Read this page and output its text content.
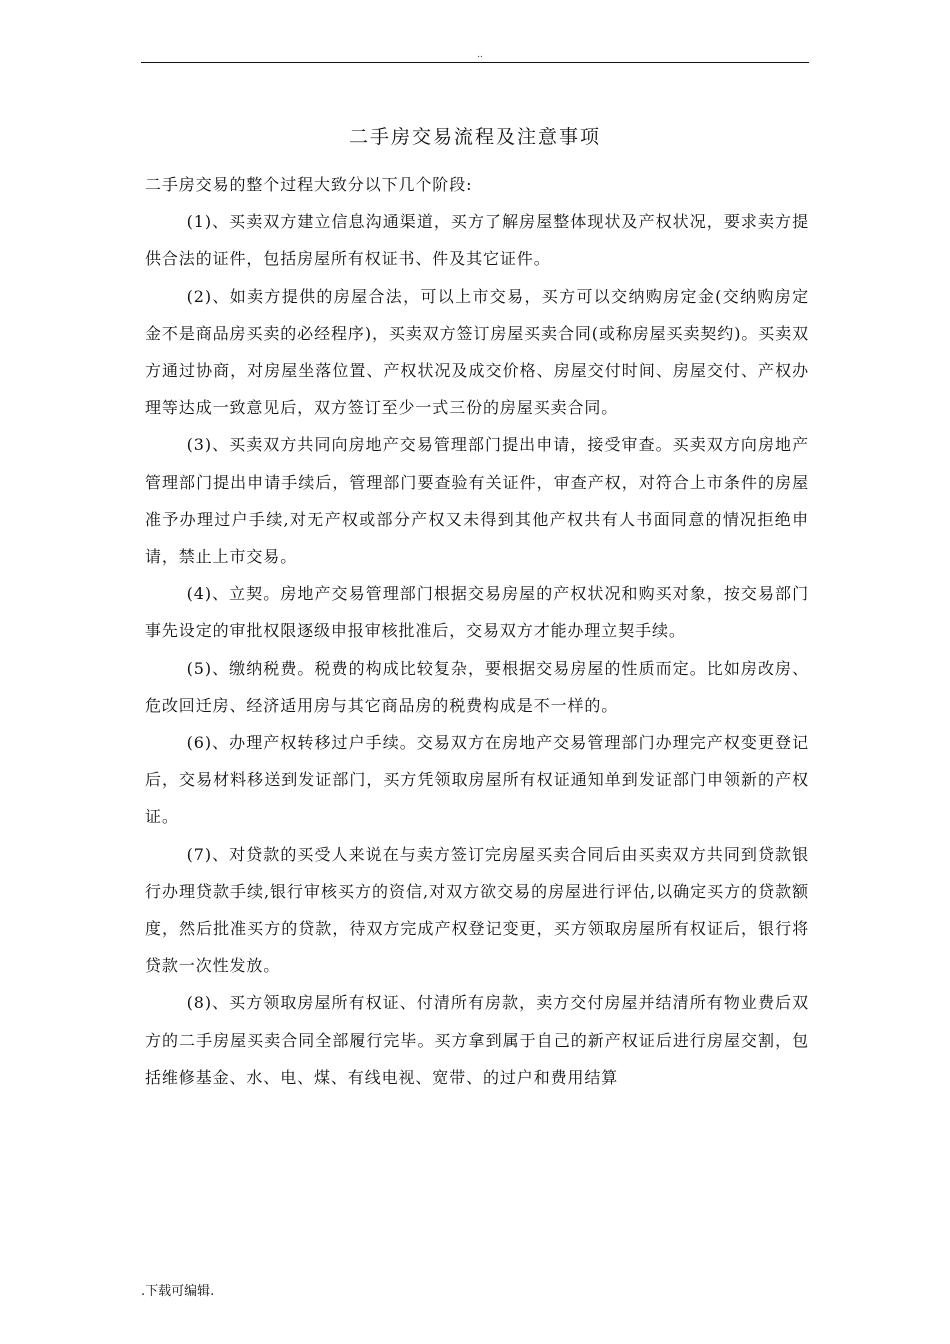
..
二手房交易流程及注意事项

二手房交易的整个过程大致分以下几个阶段:

(1)、买卖双方建立信息沟通渠道，买方了解房屋整体现状及产权状况，要求卖方提供合法的证件，包括房屋所有权证书、件及其它证件。

(2)、如卖方提供的房屋合法，可以上市交易，买方可以交纳购房定金(交纳购房定金不是商品房买卖的必经程序)，买卖双方签订房屋买卖合同(或称房屋买卖契约)。买卖双方通过协商，对房屋坐落位置、产权状况及成交价格、房屋交付时间、房屋交付、产权办理等达成一致意见后，双方签订至少一式三份的房屋买卖合同。

(3)、买卖双方共同向房地产交易管理部门提出申请，接受审查。买卖双方向房地产管理部门提出申请手续后，管理部门要查验有关证件，审查产权，对符合上市条件的房屋准予办理过户手续,对无产权或部分产权又未得到其他产权共有人书面同意的情况拒绝申请，禁止上市交易。

(4)、立契。房地产交易管理部门根据交易房屋的产权状况和购买对象，按交易部门事先设定的审批权限逐级申报审核批准后，交易双方才能办理立契手续。

(5)、缴纳税费。税费的构成比较复杂，要根据交易房屋的性质而定。比如房改房、危改回迁房、经济适用房与其它商品房的税费构成是不一样的。

(6)、办理产权转移过户手续。交易双方在房地产交易管理部门办理完产权变更登记后，交易材料移送到发证部门，买方凭领取房屋所有权证通知单到发证部门申领新的产权证。

(7)、对贷款的买受人来说在与卖方签订完房屋买卖合同后由买卖双方共同到贷款银行办理贷款手续,银行审核买方的资信,对双方欲交易的房屋进行评估,以确定买方的贷款额度，然后批准买方的贷款，待双方完成产权登记变更，买方领取房屋所有权证后，银行将贷款一次性发放。

(8)、买方领取房屋所有权证、付清所有房款，卖方交付房屋并结清所有物业费后双方的二手房屋买卖合同全部履行完毕。买方拿到属于自己的新产权证后进行房屋交割，包括维修基金、水、电、煤、有线电视、宽带、的过户和费用结算

.下载可编辑.
